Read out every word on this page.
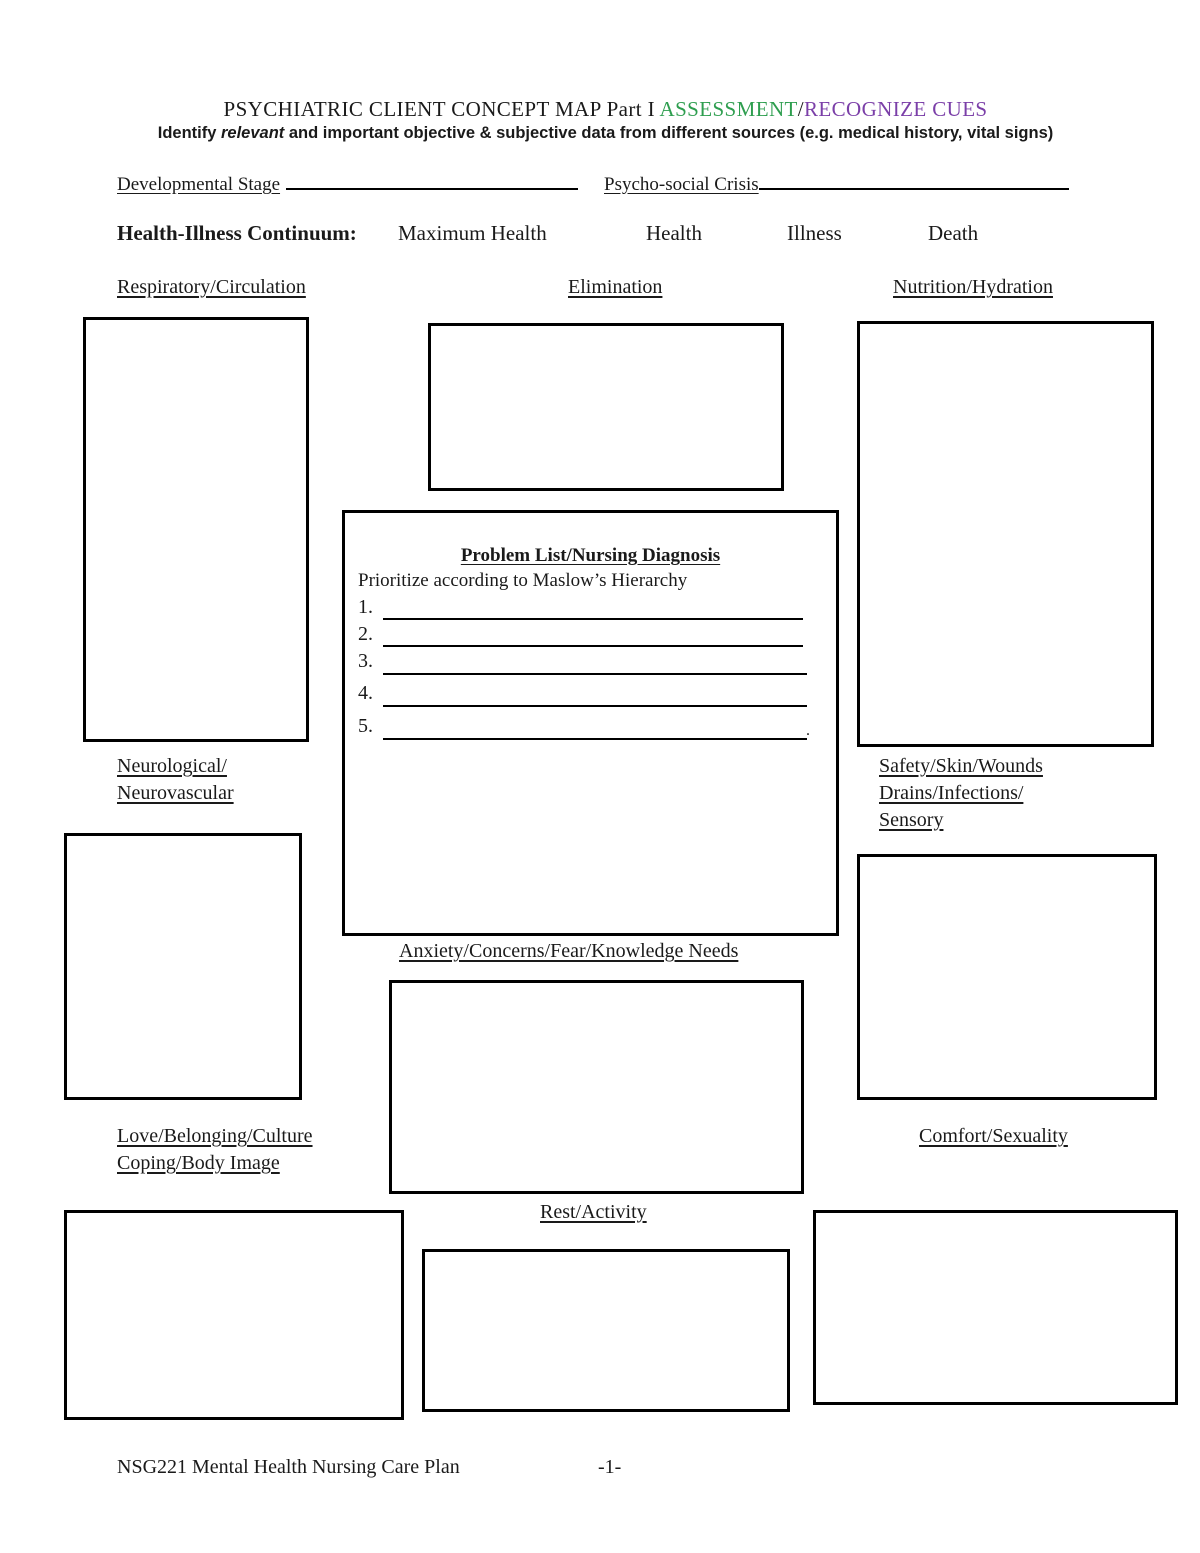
PSYCHIATRIC CLIENT CONCEPT MAP Part I ASSESSMENT/RECOGNIZE CUES
Identify relevant and important objective & subjective data from different sources (e.g. medical history, vital signs)
Developmental Stage	Psycho-social Crisis
Health-Illness Continuum: Maximum Health	Health	Illness	Death
Respiratory/Circulation	Elimination	Nutrition/Hydration
Neurological/
Neurovascular
Safety/Skin/Wounds
Drains/Infections/
Sensory
Anxiety/Concerns/Fear/Knowledge Needs
Love/Belonging/Culture
Coping/Body Image
Comfort/Sexuality
Rest/Activity
Problem List/Nursing Diagnosis
Prioritize according to Maslow’s Hierarchy
1.
2.
3.
4.
5.	.
NSG221 Mental Health Nursing Care Plan	-1-
